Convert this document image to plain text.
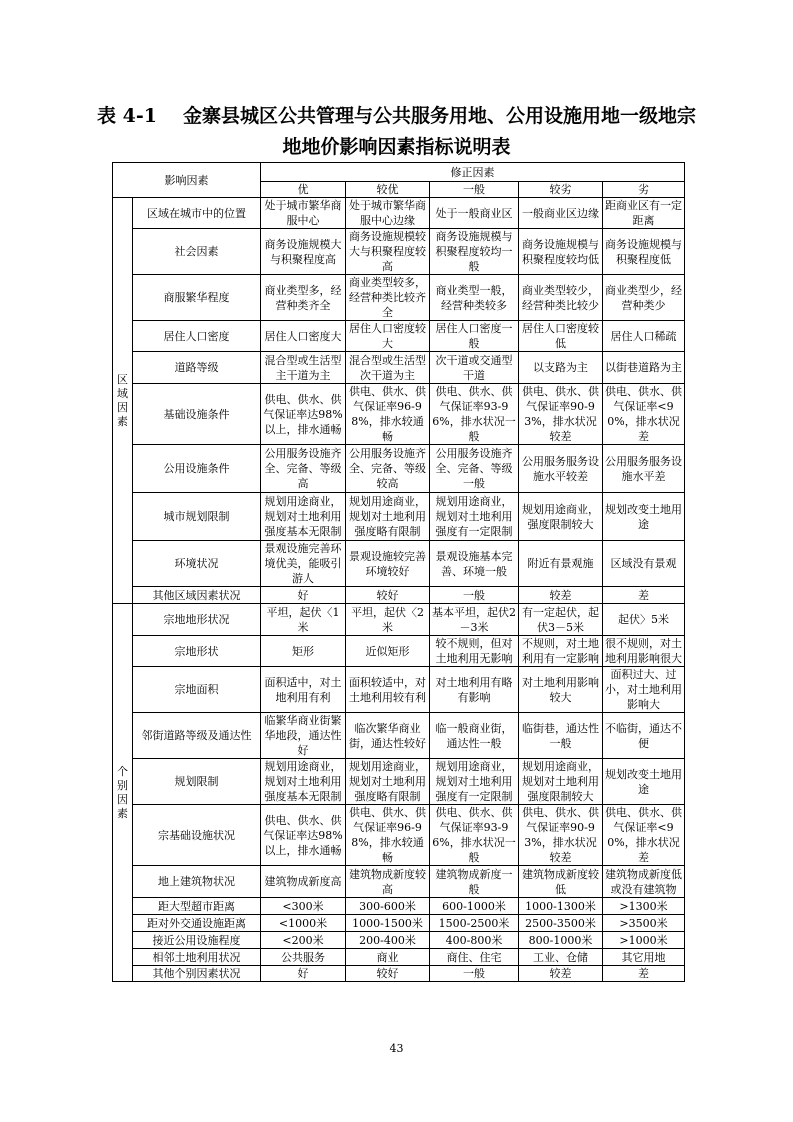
表 4-1 金寨县城区公共管理与公共服务用地、公用设施用地一级地宗
地地价影响因素指标说明表
影响因素		修正因素				
		优	较优	一般	较劣	劣

区
域
因
素	区域在城市中的位置	处于城市繁华商服中心	处于城市繁华商服中心边缘	处于一般商业区	一般商业区边缘	距商业区有一定距离
	社会因素	商务设施规模大与积聚程度高	商务设施规模较大与积聚程度较高	商务设施规模与积聚程度较均一般	商务设施规模与积聚程度较均低	商务设施规模与积聚程度低
	商服繁华程度	商业类型多，经营种类齐全	商业类型较多，经营种类比较齐全	商业类型一般，经营种类较多	商业类型较少，经营种类比较少	商业类型少，经营种类少
	居住人口密度	居住人口密度大	居住人口密度较大	居住人口密度一般	居住人口密度较低	居住人口稀疏
	道路等级	混合型或生活型主干道为主	混合型或生活型次干道为主	次干道或交通型干道	以支路为主	以街巷道路为主
	基础设施条件	供电、供水、供气保证率达98%以上，排水通畅	供电、供水、供气保证率96-98%，排水较通畅	供电、供水、供气保证率93-96%，排水状况一般	供电、供水、供气保证率90-93%，排水状况较差	供电、供水、供气保证率<90%，排水状况差
	公用设施条件	公用服务设施齐全、完备、等级高	公用服务设施齐全、完备、等级较高	公用服务设施齐全、完备、等级一般	公用服务服务设施水平较差	公用服务服务设施水平差
	城市规划限制	规划用途商业，规划对土地利用强度基本无限制	规划用途商业，规划对土地利用强度略有限制	规划用途商业，规划对土地利用强度有一定限制	规划用途商业，强度限制较大	规划改变土地用途
	环境状况	景观设施完善环境优美，能吸引游人	景观设施较完善环境较好	景观设施基本完善、环境一般	附近有景观施	区域没有景观
	其他区域因素状况	好	较好	一般	较差	差

个
别
因
素	宗地地形状况	平坦，起伏〈1米	平坦，起伏〈2米	基本平坦，起伏2－3米	有一定起伏，起伏3－5米	起伏〉5米
	宗地形状	矩形	近似矩形	较不规则，但对土地利用无影响	不规则，对土地利用有一定影响	很不规则，对土地利用影响很大
	宗地面积	面积适中，对土地利用有利	面积较适中，对土地利用较有利	对土地利用有略有影响	对土地利用影响较大	面积过大、过小，对土地利用影响大
	邻街道路等级及通达性	临繁华商业街繁华地段，通达性好	临次繁华商业街，通达性较好	临一般商业街，通达性一般	临街巷，通达性一般	不临街，通达不便
	规划限制	规划用途商业，规划对土地利用强度基本无限制	规划用途商业，规划对土地利用强度略有限制	规划用途商业，规划对土地利用强度有一定限制	规划用途商业，规划对土地利用强度限制较大	规划改变土地用途
	宗基础设施状况	供电、供水、供气保证率达98%以上，排水通畅	供电、供水、供气保证率96-98%，排水较通畅	供电、供水、供气保证率93-96%，排水状况一般	供电、供水、供气保证率90-93%，排水状况较差	供电、供水、供气保证率<90%，排水状况差
	地上建筑物状况	建筑物成新度高	建筑物成新度较高	建筑物成新度一般	建筑物成新度较低	建筑物成新度低或没有建筑物
	距大型超市距离	<300米	300-600米	600-1000米	1000-1300米	>1300米
	距对外交通设施距离	<1000米	1000-1500米	1500-2500米	2500-3500米	>3500米
	接近公用设施程度	<200米	200-400米	400-800米	800-1000米	>1000米
	相邻土地利用状况	公共服务	商业	商住、住宅	工业、仓储	其它用地
	其他个别因素状况	好	较好	一般	较差	差
43
